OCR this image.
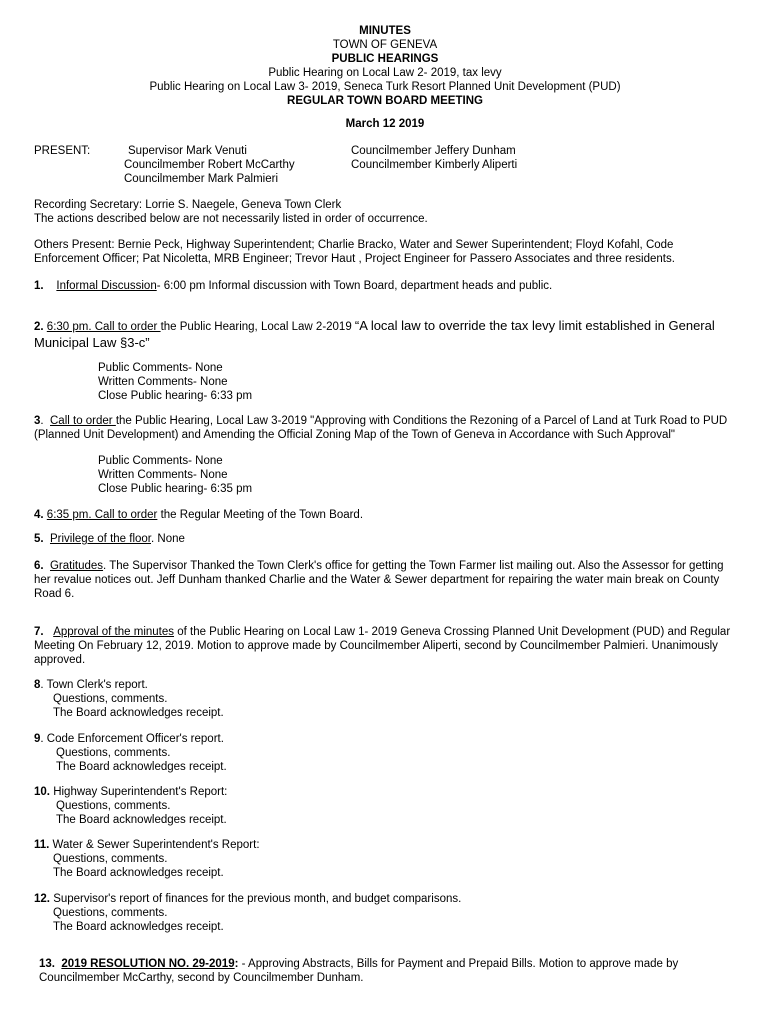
MINUTES
TOWN OF GENEVA
PUBLIC HEARINGS
Public Hearing on Local Law 2- 2019, tax levy
Public Hearing on Local Law 3- 2019, Seneca Turk Resort Planned Unit Development (PUD)
REGULAR TOWN BOARD MEETING
March 12 2019
PRESENT:	Supervisor Mark Venuti
Councilmember Robert McCarthy
Councilmember Mark Palmieri
Councilmember Jeffery Dunham
Councilmember Kimberly Aliperti
Recording Secretary: Lorrie S. Naegele, Geneva Town Clerk
The actions described below are not necessarily listed in order of occurrence.
Others Present: Bernie Peck, Highway Superintendent; Charlie Bracko, Water and Sewer Superintendent; Floyd Kofahl, Code Enforcement Officer; Pat Nicoletta, MRB Engineer; Trevor Haut , Project Engineer for Passero Associates and three residents.
1. Informal Discussion- 6:00 pm Informal discussion with Town Board, department heads and public.
2. 6:30 pm. Call to order the Public Hearing, Local Law 2-2019 “A local law to override the tax levy limit established in General Municipal Law §3-c”
Public Comments- None
Written Comments- None
Close Public hearing- 6:33 pm
3.  Call to order the Public Hearing, Local Law 3-2019 "Approving with Conditions the Rezoning of a Parcel of Land at Turk Road to PUD (Planned Unit Development) and Amending the Official Zoning Map of the Town of Geneva in Accordance with Such Approval"
Public Comments- None
Written Comments- None
Close Public hearing- 6:35 pm
4. 6:35 pm. Call to order the Regular Meeting of the Town Board.
5. Privilege of the floor. None
6. Gratitudes. The Supervisor Thanked the Town Clerk's office for getting the Town Farmer list mailing out. Also the Assessor for getting her revalue notices out. Jeff Dunham thanked Charlie and the Water & Sewer department for repairing the water main break on County Road 6.
7. Approval of the minutes of the Public Hearing on Local Law 1- 2019 Geneva Crossing Planned Unit Development (PUD) and Regular Meeting On February 12, 2019. Motion to approve made by Councilmember Aliperti, second by Councilmember Palmieri. Unanimously approved.
8. Town Clerk's report.
Questions, comments.
The Board acknowledges receipt.
9. Code Enforcement Officer's report.
Questions, comments.
The Board acknowledges receipt.
10. Highway Superintendent's Report:
Questions, comments.
The Board acknowledges receipt.
11. Water & Sewer Superintendent's Report:
Questions, comments.
The Board acknowledges receipt.
12. Supervisor's report of finances for the previous month, and budget comparisons.
Questions, comments.
The Board acknowledges receipt.
13. 2019 RESOLUTION NO. 29-2019: - Approving Abstracts, Bills for Payment and Prepaid Bills. Motion to approve made by Councilmember McCarthy, second by Councilmember Dunham.
